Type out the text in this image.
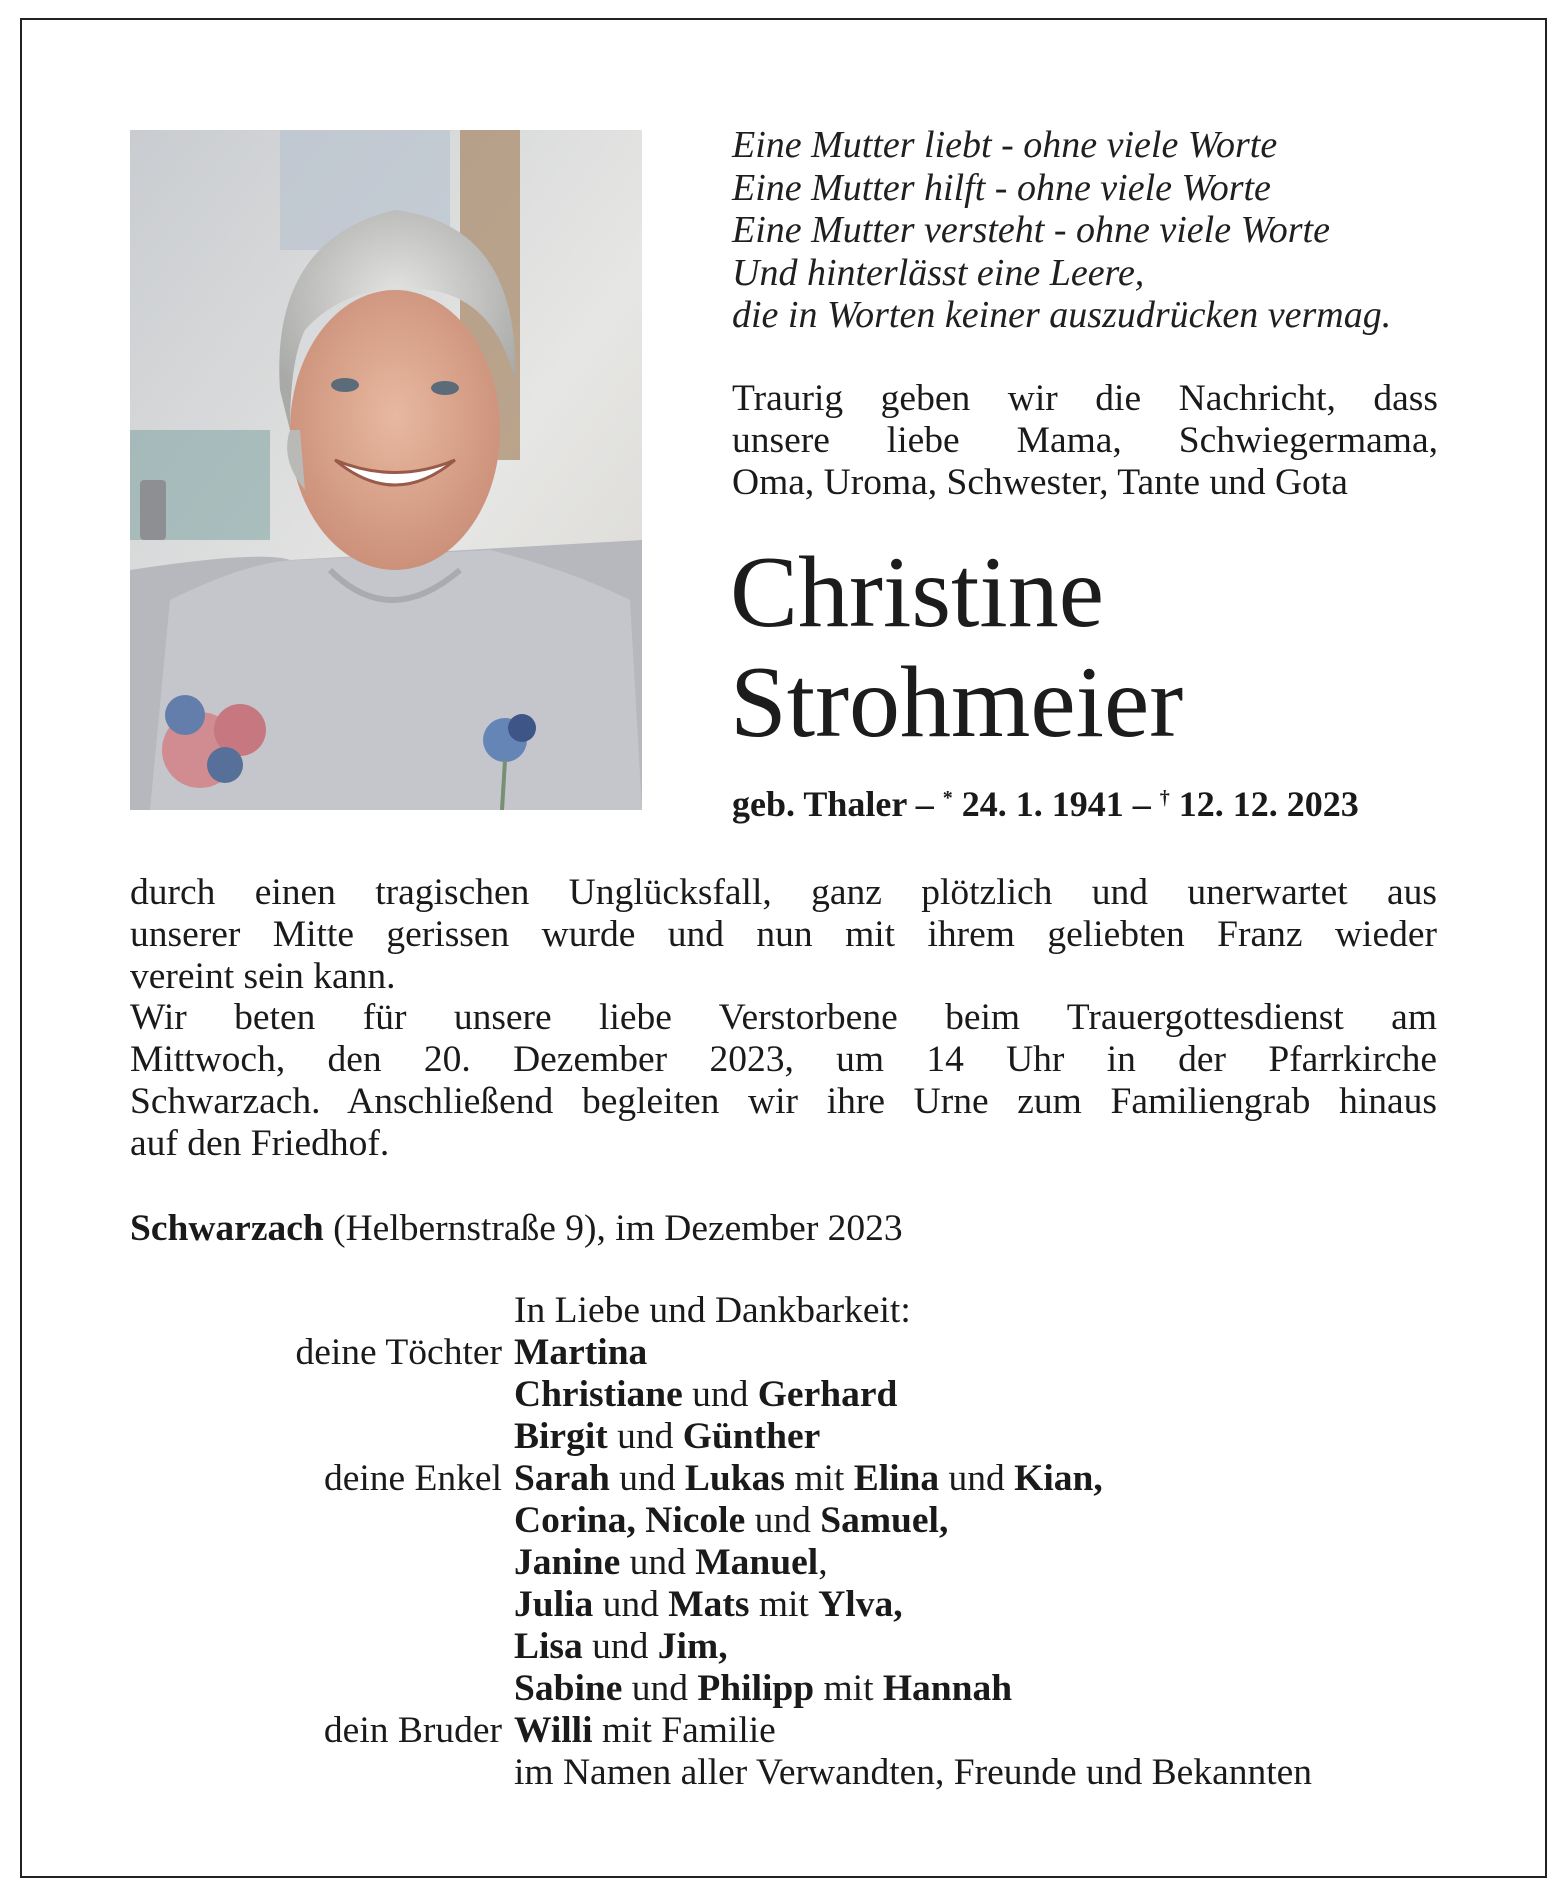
Eine Mutter liebt - ohne viele Worte
Eine Mutter hilft - ohne viele Worte
Eine Mutter versteht - ohne viele Worte
Und hinterlässt eine Leere,
die in Worten keiner auszudrücken vermag.
Traurig geben wir die Nachricht, dass
unsere liebe Mama, Schwiegermama,
Oma, Uroma, Schwester, Tante und Gota
Christine
Strohmeier
geb. Thaler – * 24. 1. 1941 – † 12. 12. 2023
durch einen tragischen Unglücksfall, ganz plötzlich und unerwartet aus
unserer Mitte gerissen wurde und nun mit ihrem geliebten Franz wieder
vereint sein kann.
Wir beten für unsere liebe Verstorbene beim Trauergottesdienst am
Mittwoch, den 20. Dezember 2023, um 14 Uhr in der Pfarrkirche
Schwarzach. Anschließend begleiten wir ihre Urne zum Familiengrab hinaus
auf den Friedhof.
Schwarzach (Helbernstraße 9), im Dezember 2023
In Liebe und Dankbarkeit:
deine Töchter Martina
Christiane und Gerhard
Birgit und Günther
deine Enkel Sarah und Lukas mit Elina und Kian,
Corina, Nicole und Samuel,
Janine und Manuel,
Julia und Mats mit Ylva,
Lisa und Jim,
Sabine und Philipp mit Hannah
dein Bruder Willi mit Familie
im Namen aller Verwandten, Freunde und Bekannten
